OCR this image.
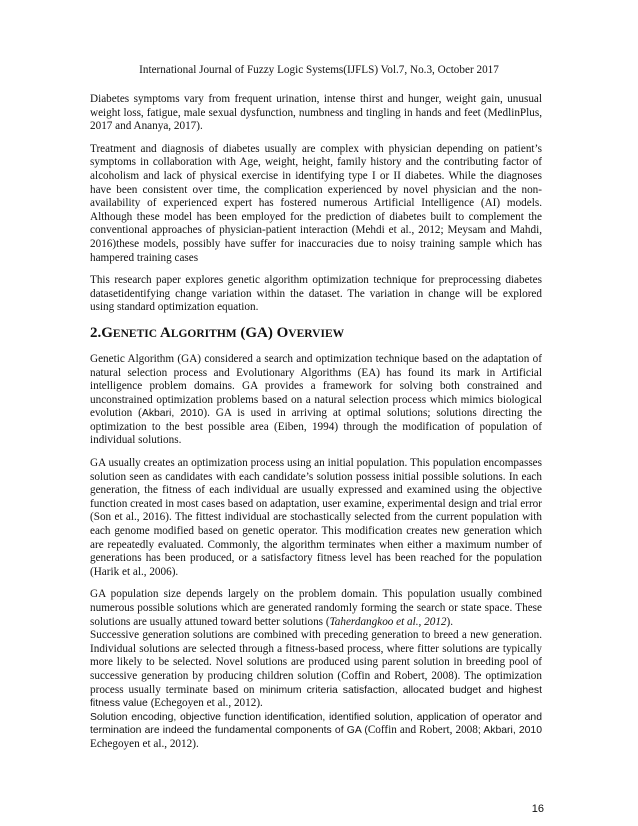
International Journal of Fuzzy Logic Systems(IJFLS) Vol.7, No.3, October 2017

Diabetes symptoms vary from frequent urination, intense thirst and hunger, weight gain, unusual weight loss, fatigue, male sexual dysfunction, numbness and tingling in hands and feet (MedlinPlus, 2017 and Ananya, 2017).

Treatment and diagnosis of diabetes usually are complex with physician depending on patient’s symptoms in collaboration with Age, weight, height, family history and the contributing factor of alcoholism and lack of physical exercise in identifying type I or II diabetes. While the diagnoses have been consistent over time, the complication experienced by novel physician and the non-availability of experienced expert has fostered numerous Artificial Intelligence (AI) models. Although these model has been employed for the prediction of diabetes built to complement the conventional approaches of physician-patient interaction (Mehdi et al., 2012; Meysam and Mahdi, 2016)these models, possibly have suffer for inaccuracies due to noisy training sample which has hampered training cases

This research paper explores genetic algorithm optimization technique for preprocessing diabetes datasetidentifying change variation within the dataset. The variation in change will be explored using standard optimization equation.

2.GENETIC ALGORITHM (GA) OVERVIEW

Genetic Algorithm (GA) considered a search and optimization technique based on the adaptation of natural selection process and Evolutionary Algorithms (EA) has found its mark in Artificial intelligence problem domains. GA provides a framework for solving both constrained and unconstrained optimization problems based on a natural selection process which mimics biological evolution (Akbari, 2010). GA is used in arriving at optimal solutions; solutions directing the optimization to the best possible area (Eiben, 1994) through the modification of population of individual solutions.

GA usually creates an optimization process using an initial population. This population encompasses solution seen as candidates with each candidate’s solution possess initial possible solutions. In each generation, the fitness of each individual are usually expressed and examined using the objective function created in most cases based on adaptation, user examine, experimental design and trial error (Son et al., 2016). The fittest individual are stochastically selected from the current population with each genome modified based on genetic operator. This modification creates new generation which are repeatedly evaluated. Commonly, the algorithm terminates when either a maximum number of generations has been produced, or a satisfactory fitness level has been reached for the population (Harik et al., 2006).

GA population size depends largely on the problem domain. This population usually combined numerous possible solutions which are generated randomly forming the search or state space. These solutions are usually attuned toward better solutions (Taherdangkoo et al., 2012).

Successive generation solutions are combined with preceding generation to breed a new generation. Individual solutions are selected through a fitness-based process, where fitter solutions are typically more likely to be selected. Novel solutions are produced using parent solution in breeding pool of successive generation by producing children solution (Coffin and Robert, 2008). The optimization process usually terminate based on minimum criteria satisfaction, allocated budget and highest fitness value (Echegoyen et al., 2012).

Solution encoding, objective function identification, identified solution, application of operator and termination are indeed the fundamental components of GA (Coffin and Robert, 2008; Akbari, 2010 Echegoyen et al., 2012).

16
